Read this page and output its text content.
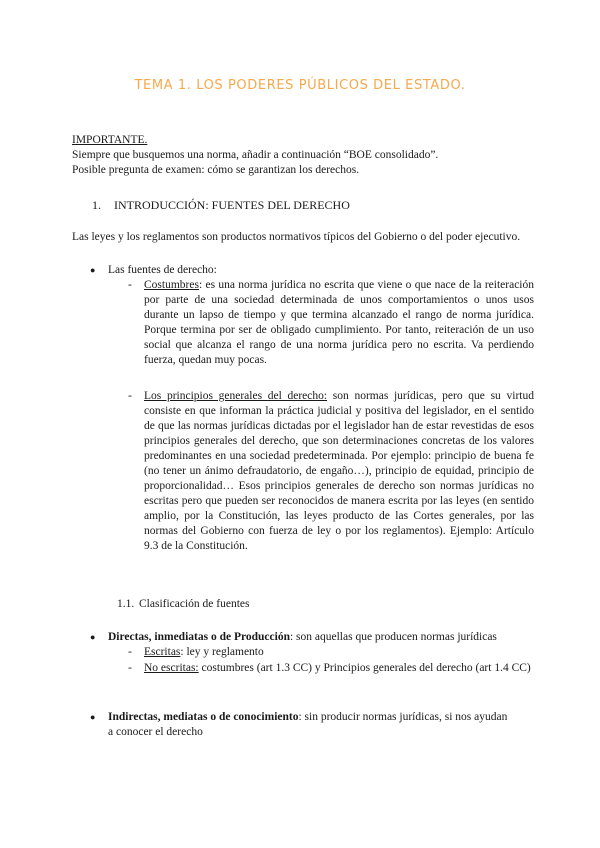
TEMA 1. LOS PODERES PÚBLICOS DEL ESTADO.
IMPORTANTE.
Siempre que busquemos una norma, añadir a continuación “BOE consolidado”.
Posible pregunta de examen: cómo se garantizan los derechos.
1. INTRODUCCIÓN: FUENTES DEL DERECHO
Las leyes y los reglamentos son productos normativos típicos del Gobierno o del poder ejecutivo.
● Las fuentes de derecho:
- Costumbres: es una norma jurídica no escrita que viene o que nace de la reiteración por parte de una sociedad determinada de unos comportamientos o unos usos durante un lapso de tiempo y que termina alcanzado el rango de norma jurídica. Porque termina por ser de obligado cumplimiento. Por tanto, reiteración de un uso social que alcanza el rango de una norma jurídica pero no escrita. Va perdiendo fuerza, quedan muy pocas.
- Los principios generales del derecho: son normas jurídicas, pero que su virtud consiste en que informan la práctica judicial y positiva del legislador, en el sentido de que las normas jurídicas dictadas por el legislador han de estar revestidas de esos principios generales del derecho, que son determinaciones concretas de los valores predominantes en una sociedad predeterminada. Por ejemplo: principio de buena fe (no tener un ánimo defraudatorio, de engaño…), principio de equidad, principio de proporcionalidad… Esos principios generales de derecho son normas jurídicas no escritas pero que pueden ser reconocidos de manera escrita por las leyes (en sentido amplio, por la Constitución, las leyes producto de las Cortes generales, por las normas del Gobierno con fuerza de ley o por los reglamentos). Ejemplo: Artículo 9.3 de la Constitución.
1.1. Clasificación de fuentes
● Directas, inmediatas o de Producción: son aquellas que producen normas jurídicas
- Escritas: ley y reglamento
- No escritas: costumbres (art 1.3 CC) y Principios generales del derecho (art 1.4 CC)
● Indirectas, mediatas o de conocimiento: sin producir normas jurídicas, si nos ayudan a conocer el derecho
